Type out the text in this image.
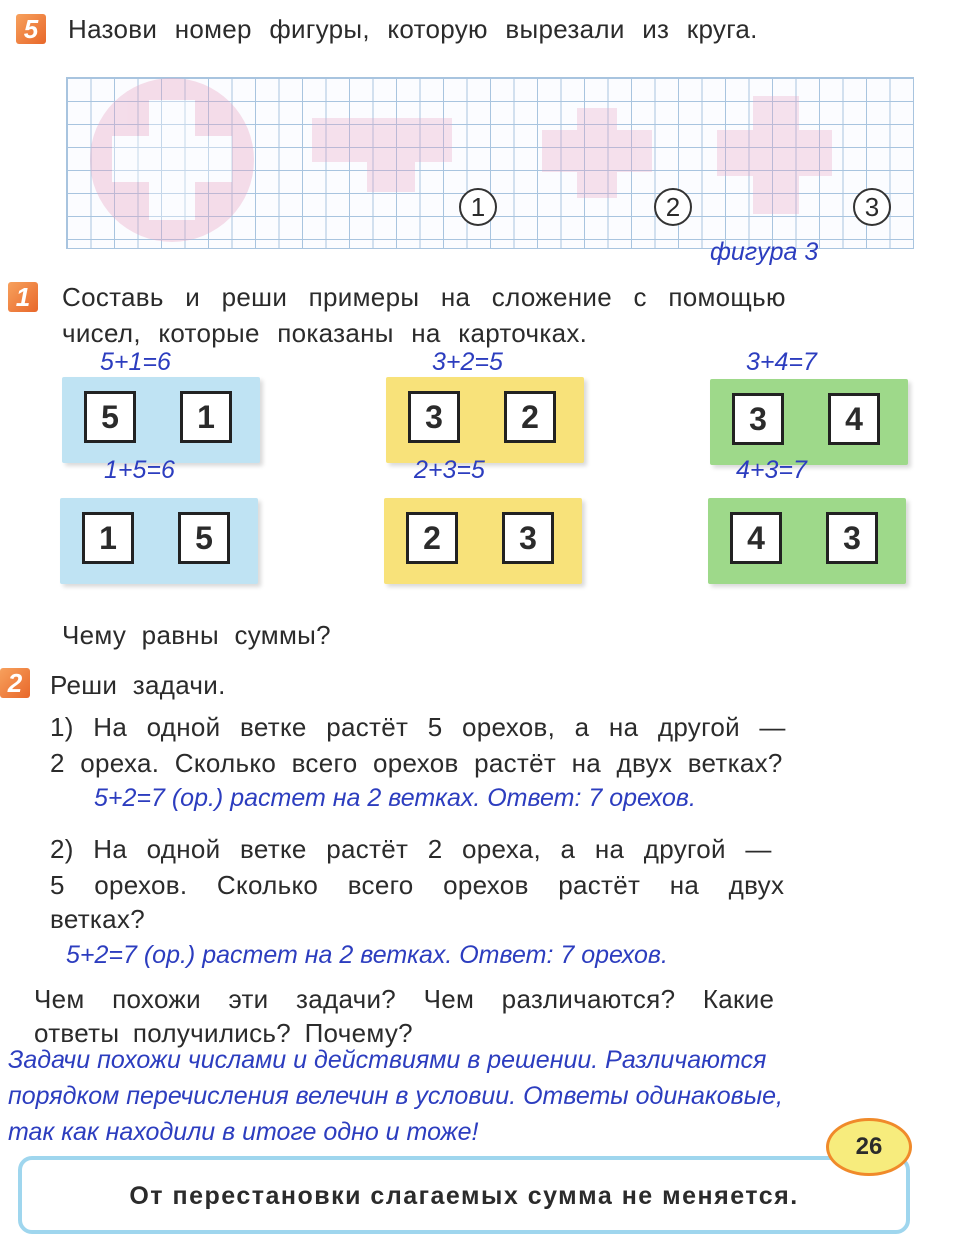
5 Назови номер фигуры, которую вырезали из круга.
1	2	3
фигура 3
1 Составь и реши примеры на сложение с помощью
чисел, которые показаны на карточках.
5+1=6	3+2=5	3+4=7
5	1	3	2	3	4
1+5=6	2+3=5	4+3=7
1	5	2	3	4	3
Чему равны суммы?
2 Реши задачи.
1) На одной ветке растёт 5 орехов, а на другой —
2 ореха. Сколько всего орехов растёт на двух ветках?
5+2=7 (ор.) растет на 2 ветках. Ответ: 7 орехов.
2) На одной ветке растёт 2 ореха, а на другой —
5 орехов. Сколько всего орехов растёт на двух
ветках?
5+2=7 (ор.) растет на 2 ветках. Ответ: 7 орехов.
Чем похожи эти задачи? Чем различаются? Какие
ответы получились? Почему?
Задачи похожи числами и действиями в решении. Различаются
порядком перечисления велечин в условии. Ответы одинаковые,
так как находили в итоге одно и тоже!
От перестановки слагаемых сумма не меняется.
26
